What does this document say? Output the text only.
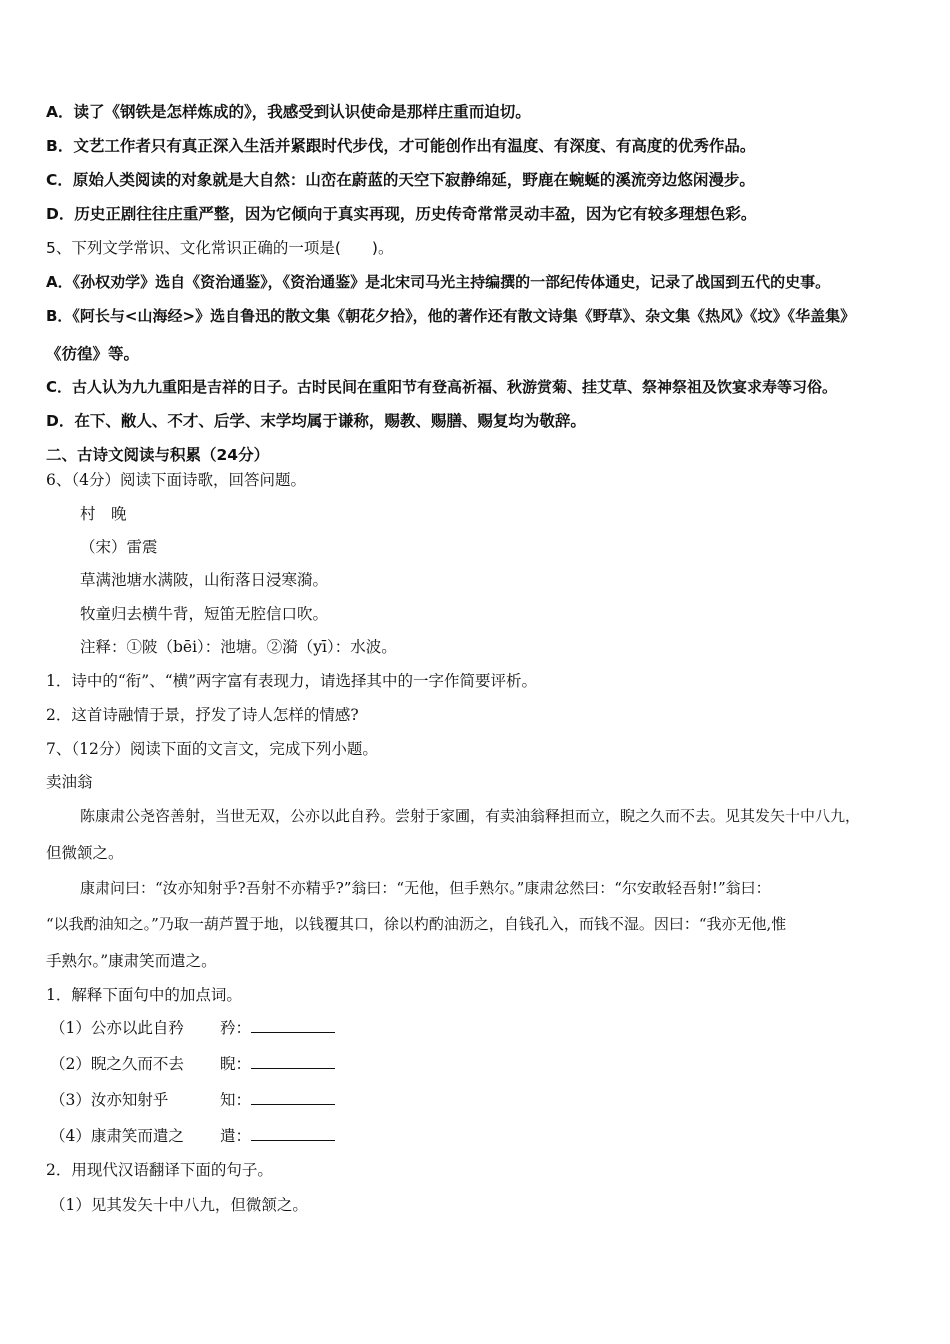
A．读了《钢铁是怎样炼成的》，我感受到认识使命是那样庄重而迫切。
B．文艺工作者只有真正深入生活并紧跟时代步伐，才可能创作出有温度、有深度、有高度的优秀作品。
C．原始人类阅读的对象就是大自然：山峦在蔚蓝的天空下寂静绵延，野鹿在蜿蜒的溪流旁边悠闲漫步。
D．历史正剧往往庄重严整，因为它倾向于真实再现，历史传奇常常灵动丰盈，因为它有较多理想色彩。
5、下列文学常识、文化常识正确的一项是(　　)。
A．《孙权劝学》选自《资治通鉴》，《资治通鉴》是北宋司马光主持编撰的一部纪传体通史，记录了战国到五代的史事。
B．《阿长与<山海经>》选自鲁迅的散文集《朝花夕拾》，他的著作还有散文诗集《野草》、杂文集《热风》《坟》《华盖集》
《彷徨》等。
C．古人认为九九重阳是吉祥的日子。古时民间在重阳节有登高祈福、秋游赏菊、挂艾草、祭神祭祖及饮宴求寿等习俗。
D．在下、敝人、不才、后学、末学均属于谦称，赐教、赐膳、赐复均为敬辞。
二、古诗文阅读与积累（24分）
6、（4分）阅读下面诗歌，回答问题。
村　晚
（宋）雷震
草满池塘水满陂，山衔落日浸寒漪。
牧童归去横牛背，短笛无腔信口吹。
注释：①陂（bēi）：池塘。②漪（yī）：水波。
1．诗中的“衔”、“横”两字富有表现力，请选择其中的一字作简要评析。
2．这首诗融情于景，抒发了诗人怎样的情感?
7、（12分）阅读下面的文言文，完成下列小题。
卖油翁
陈康肃公尧咨善射，当世无双，公亦以此自矜。尝射于家圃，有卖油翁释担而立，睨之久而不去。见其发矢十中八九，
但微颔之。
康肃问曰：“汝亦知射乎?吾射不亦精乎?”翁曰：“无他，但手熟尔。”康肃忿然曰：“尔安敢轻吾射!”翁曰：
“以我酌油知之。”乃取一葫芦置于地，以钱覆其口，徐以杓酌油沥之，自钱孔入，而钱不湿。因曰：“我亦无他,惟
手熟尔。”康肃笑而遣之。
1．解释下面句中的加点词。
（1）公亦以此自矜 矜：
（2）睨之久而不去 睨：
（3）汝亦知射乎	知：
（4）康肃笑而遣之 遣：
2．用现代汉语翻译下面的句子。
（1）见其发矢十中八九，但微颔之。
